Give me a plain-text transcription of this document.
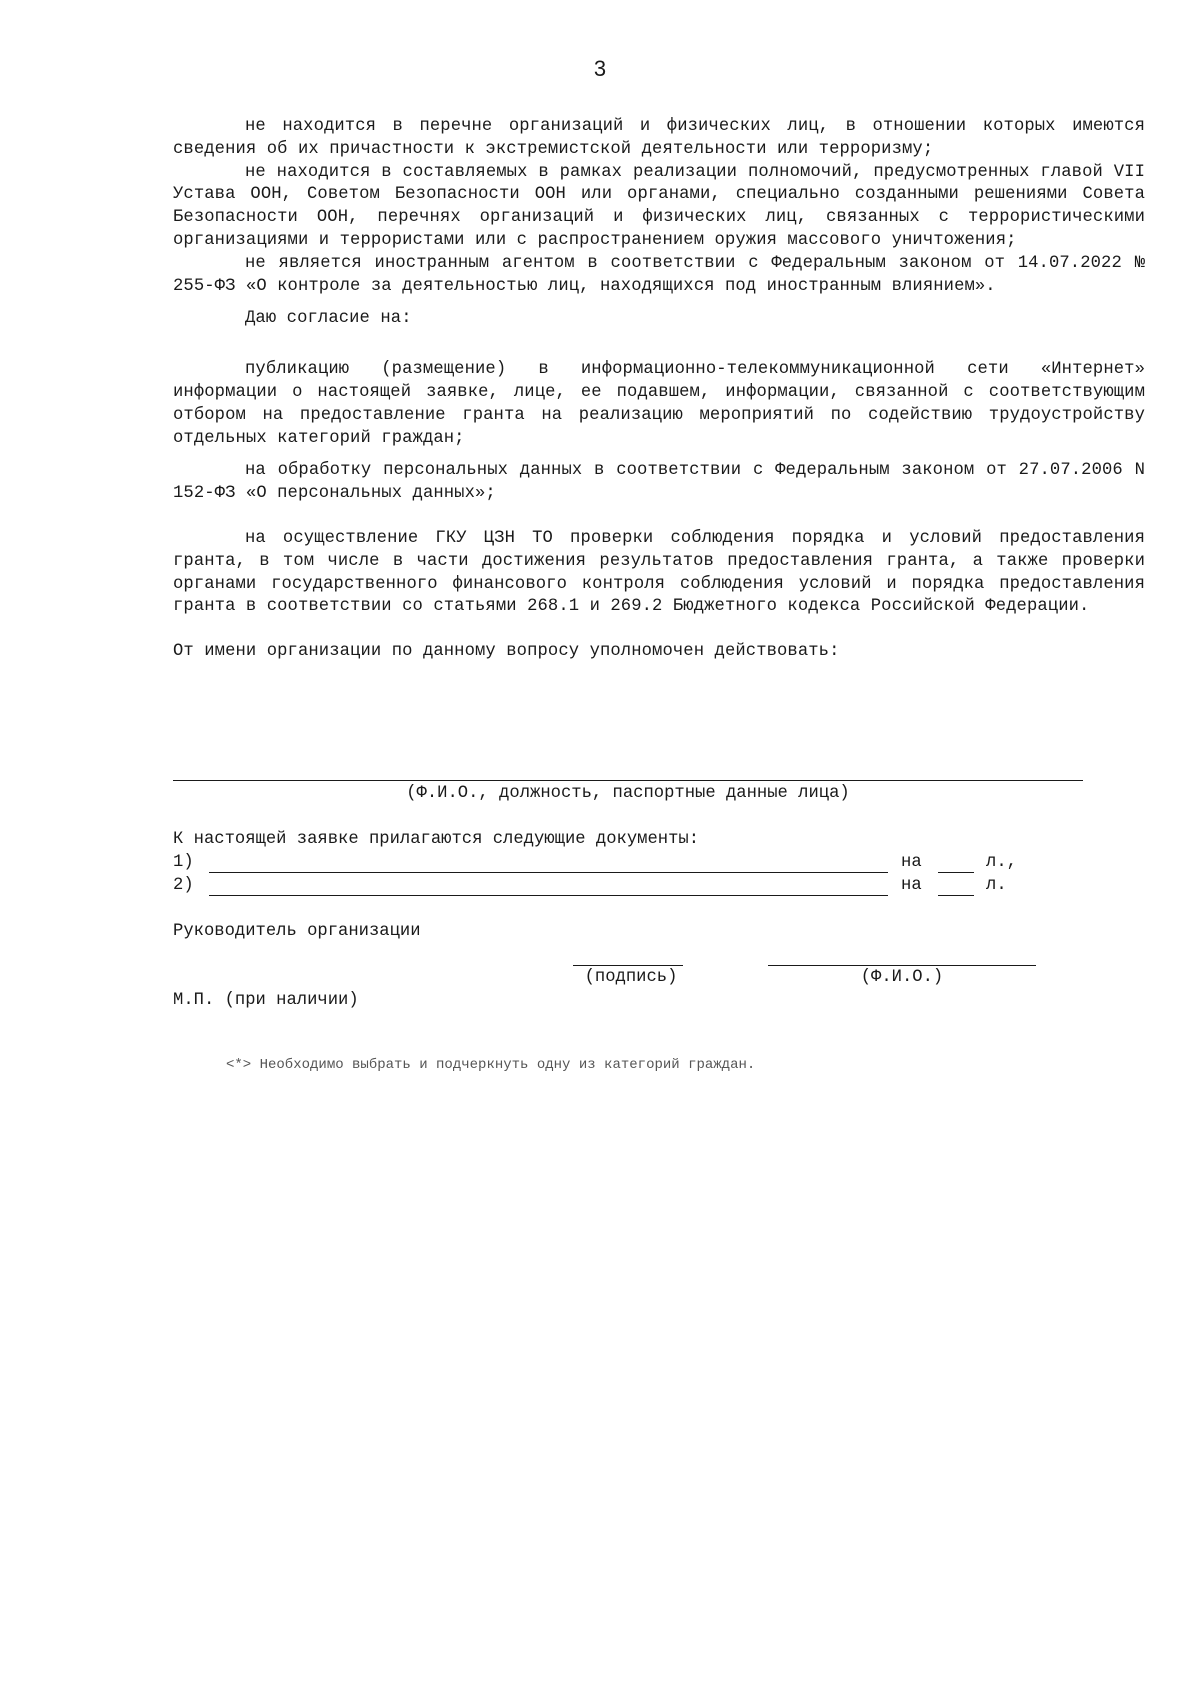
3

не находится в перечне организаций и физических лиц, в отношении которых имеются сведения об их причастности к экстремистской деятельности или терроризму;

не находится в составляемых в рамках реализации полномочий, предусмотренных главой VII Устава ООН, Советом Безопасности ООН или органами, специально созданными решениями Совета Безопасности ООН, перечнях организаций и физических лиц, связанных с террористическими организациями и террористами или с распространением оружия массового уничтожения;

не является иностранным агентом в соответствии с Федеральным законом от 14.07.2022 № 255-ФЗ «О контроле за деятельностью лиц, находящихся под иностранным влиянием».

Даю согласие на:

публикацию (размещение) в информационно-телекоммуникационной сети «Интернет» информации о настоящей заявке, лице, ее подавшем, информации, связанной с соответствующим отбором на предоставление гранта на реализацию мероприятий по содействию трудоустройству отдельных категорий граждан;

на обработку персональных данных в соответствии с Федеральным законом от 27.07.2006 N 152-ФЗ «О персональных данных»;

на осуществление ГКУ ЦЗН ТО проверки соблюдения порядка и условий предоставления гранта, в том числе в части достижения результатов предоставления гранта, а также проверки органами государственного финансового контроля соблюдения условий и порядка предоставления гранта в соответствии со статьями 268.1 и 269.2 Бюджетного кодекса Российской Федерации.

От имени организации по данному вопросу уполномочен действовать:

(Ф.И.О., должность, паспортные данные лица)
К настоящей заявке прилагаются следующие документы:
1)	на	л.,
2)	на	л.
Руководитель организации
(подпись)	(Ф.И.О.)
М.П. (при наличии)
<*> Необходимо выбрать и подчеркнуть одну из категорий граждан.
